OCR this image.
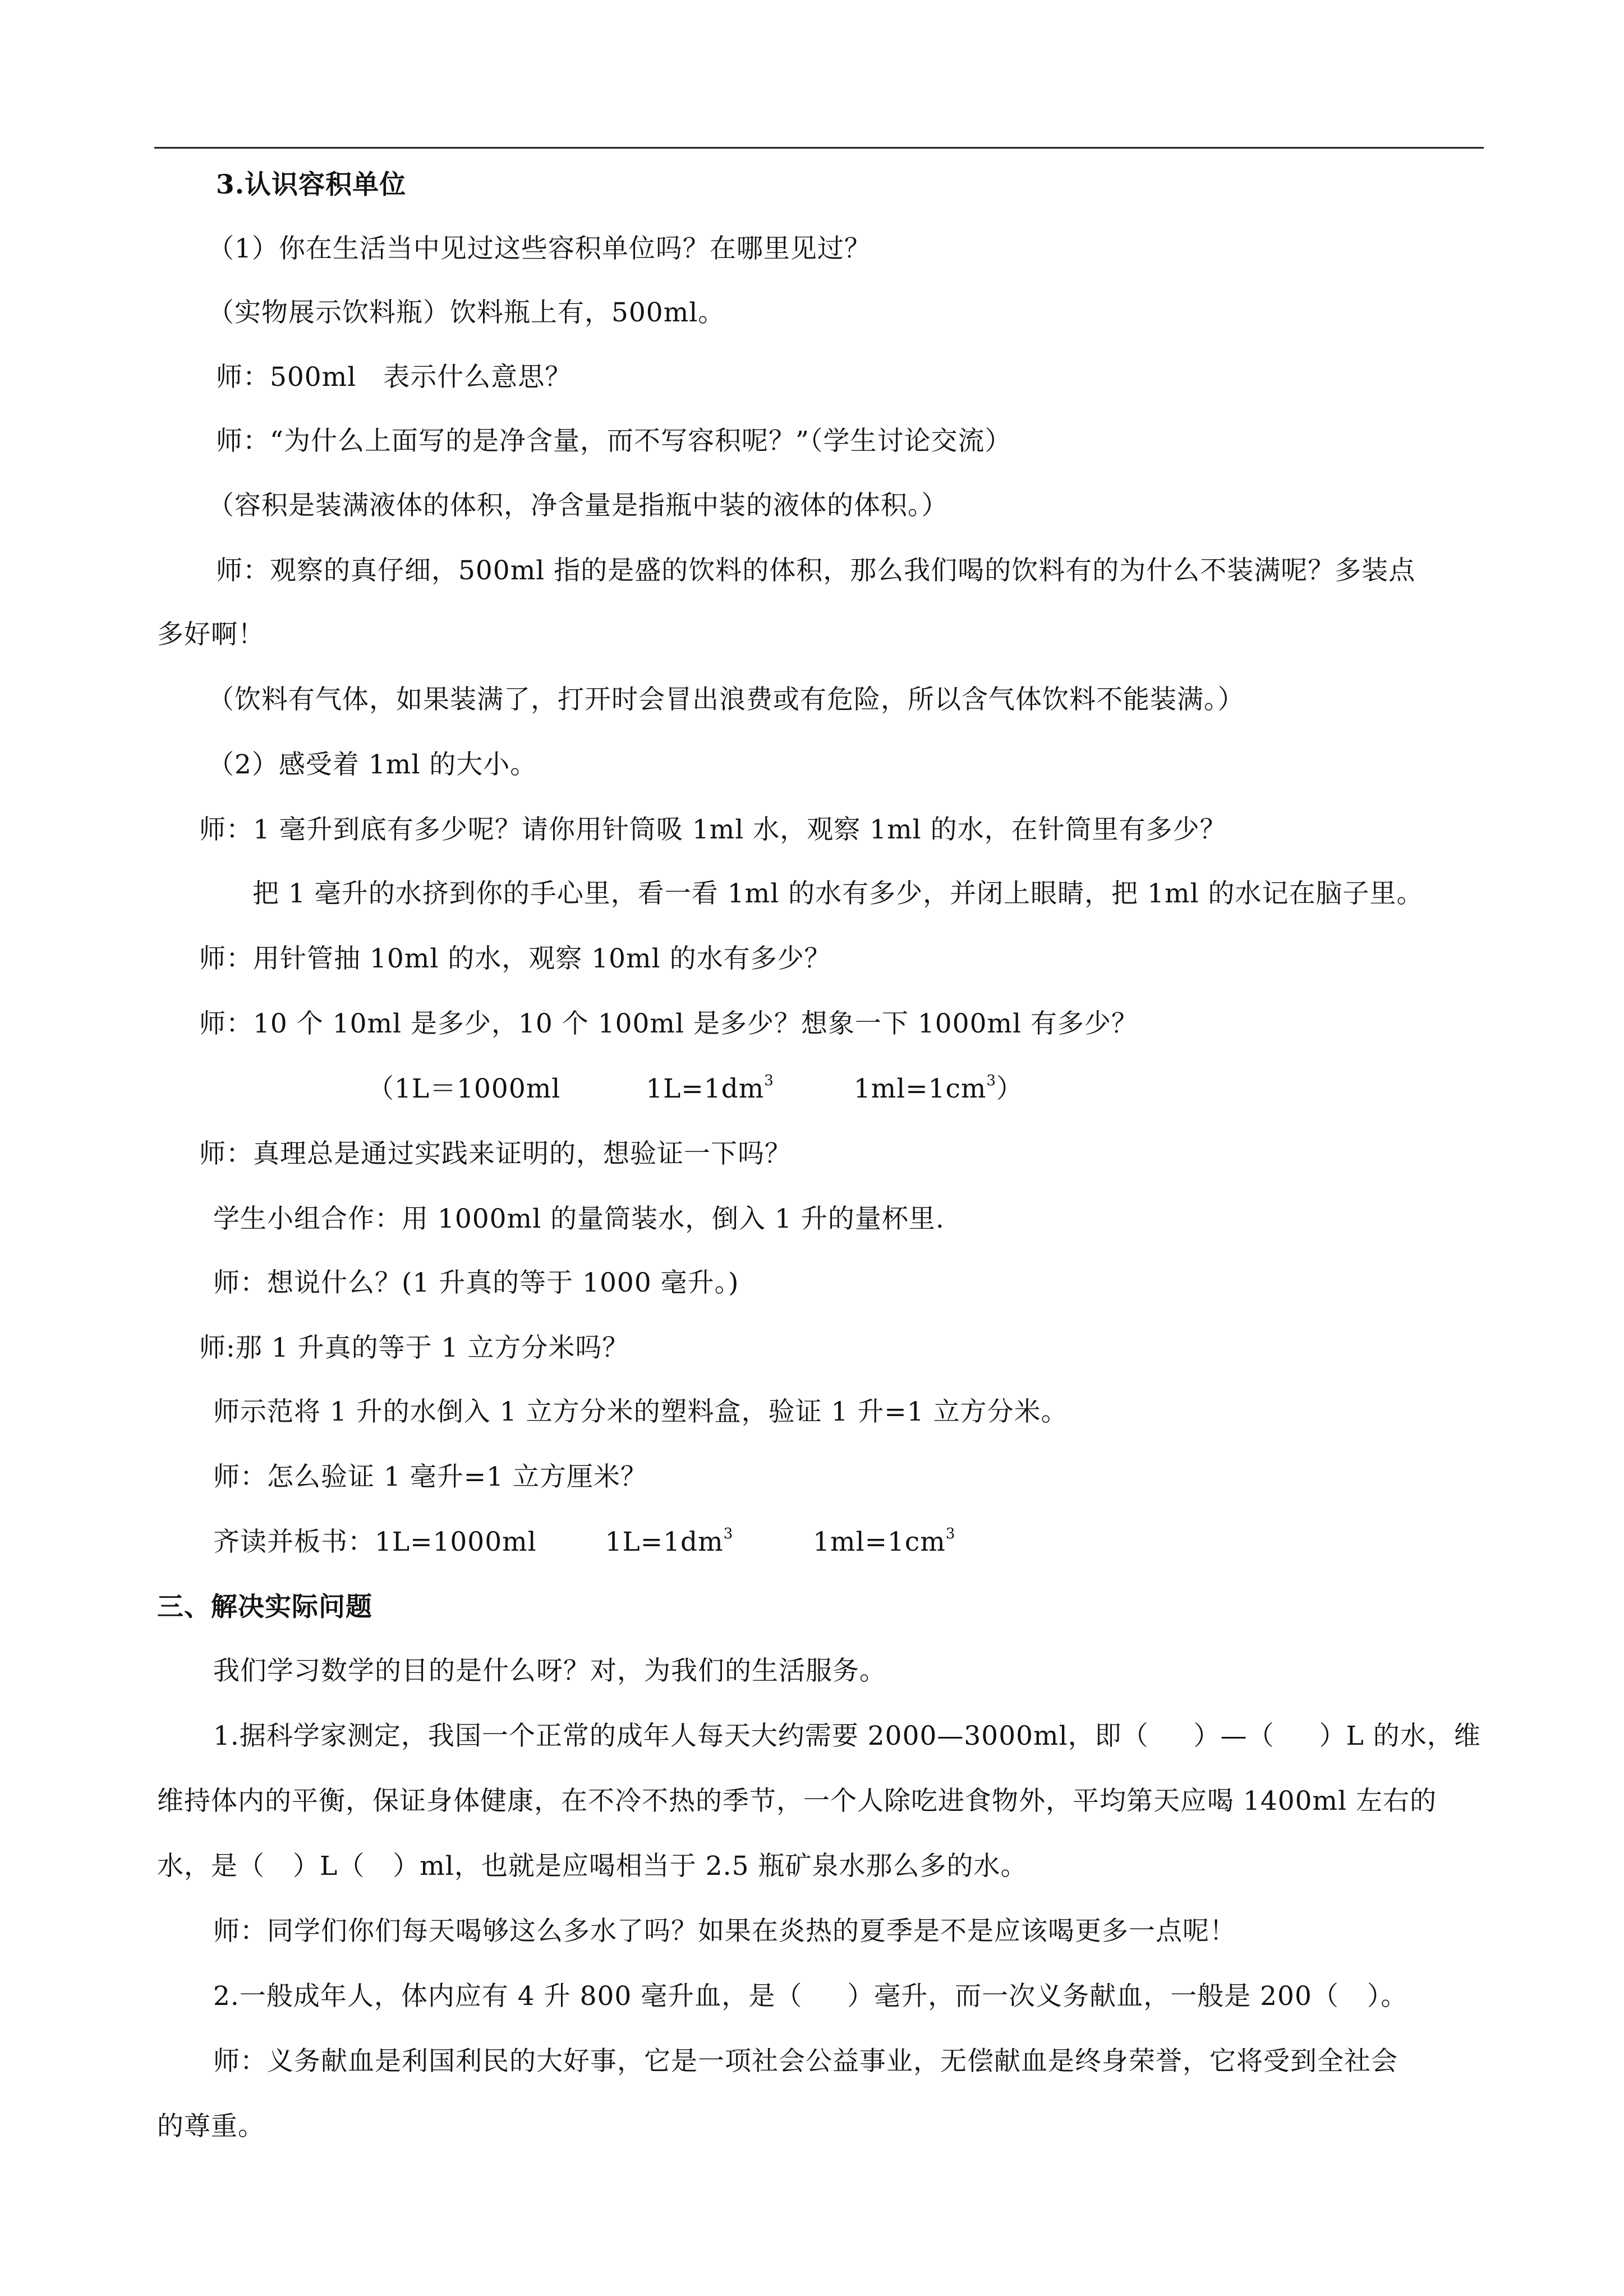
3.认识容积单位
（1）你在生活当中见过这些容积单位吗？在哪里见过？
（实物展示饮料瓶）饮料瓶上有，500ml。
师：500ml　表示什么意思？
师：“为什么上面写的是净含量，而不写容积呢？”（学生讨论交流）
（容积是装满液体的体积，净含量是指瓶中装的液体的体积。）
师：观察的真仔细，500ml 指的是盛的饮料的体积，那么我们喝的饮料有的为什么不装满呢？多装点
多好啊！
（饮料有气体，如果装满了，打开时会冒出浪费或有危险，所以含气体饮料不能装满。）
（2）感受着 1ml 的大小。
师：1 毫升到底有多少呢？请你用针筒吸 1ml 水，观察 1ml 的水，在针筒里有多少？
把 1 毫升的水挤到你的手心里，看一看 1ml 的水有多少，并闭上眼睛，把 1ml 的水记在脑子里。
师：用针管抽 10ml 的水，观察 10ml 的水有多少？
师：10 个 10ml 是多少，10 个 100ml 是多少？想象一下 1000ml 有多少？
（1L＝1000ml	$1L=1dm^3$	$1ml=1cm^3$）
师：真理总是通过实践来证明的，想验证一下吗？
学生小组合作：用 1000ml 的量筒装水，倒入 1 升的量杯里.
师：想说什么？(1 升真的等于 1000 毫升。)
师:那 1 升真的等于 1 立方分米吗？
师示范将 1 升的水倒入 1 立方分米的塑料盒，验证 1 升=1 立方分米。
师：怎么验证 1 毫升=1 立方厘米？
齐读并板书：1L=1000ml	$1L=1dm^3$	$1ml=1cm^3$
三、解决实际问题
我们学习数学的目的是什么呀？对，为我们的生活服务。
1.据科学家测定，我国一个正常的成年人每天大约需要 2000—3000ml，即（ ）—（ ）L 的水，维
维持体内的平衡，保证身体健康，在不冷不热的季节，一个人除吃进食物外，平均第天应喝 1400ml 左右的
水，是（ ）L（ ）ml，也就是应喝相当于 2.5 瓶矿泉水那么多的水。
师：同学们你们每天喝够这么多水了吗？如果在炎热的夏季是不是应该喝更多一点呢！
2.一般成年人，体内应有 4 升 800 毫升血，是（ ）毫升，而一次义务献血，一般是 200（ ）。
师：义务献血是利国利民的大好事，它是一项社会公益事业，无偿献血是终身荣誉，它将受到全社会
的尊重。
